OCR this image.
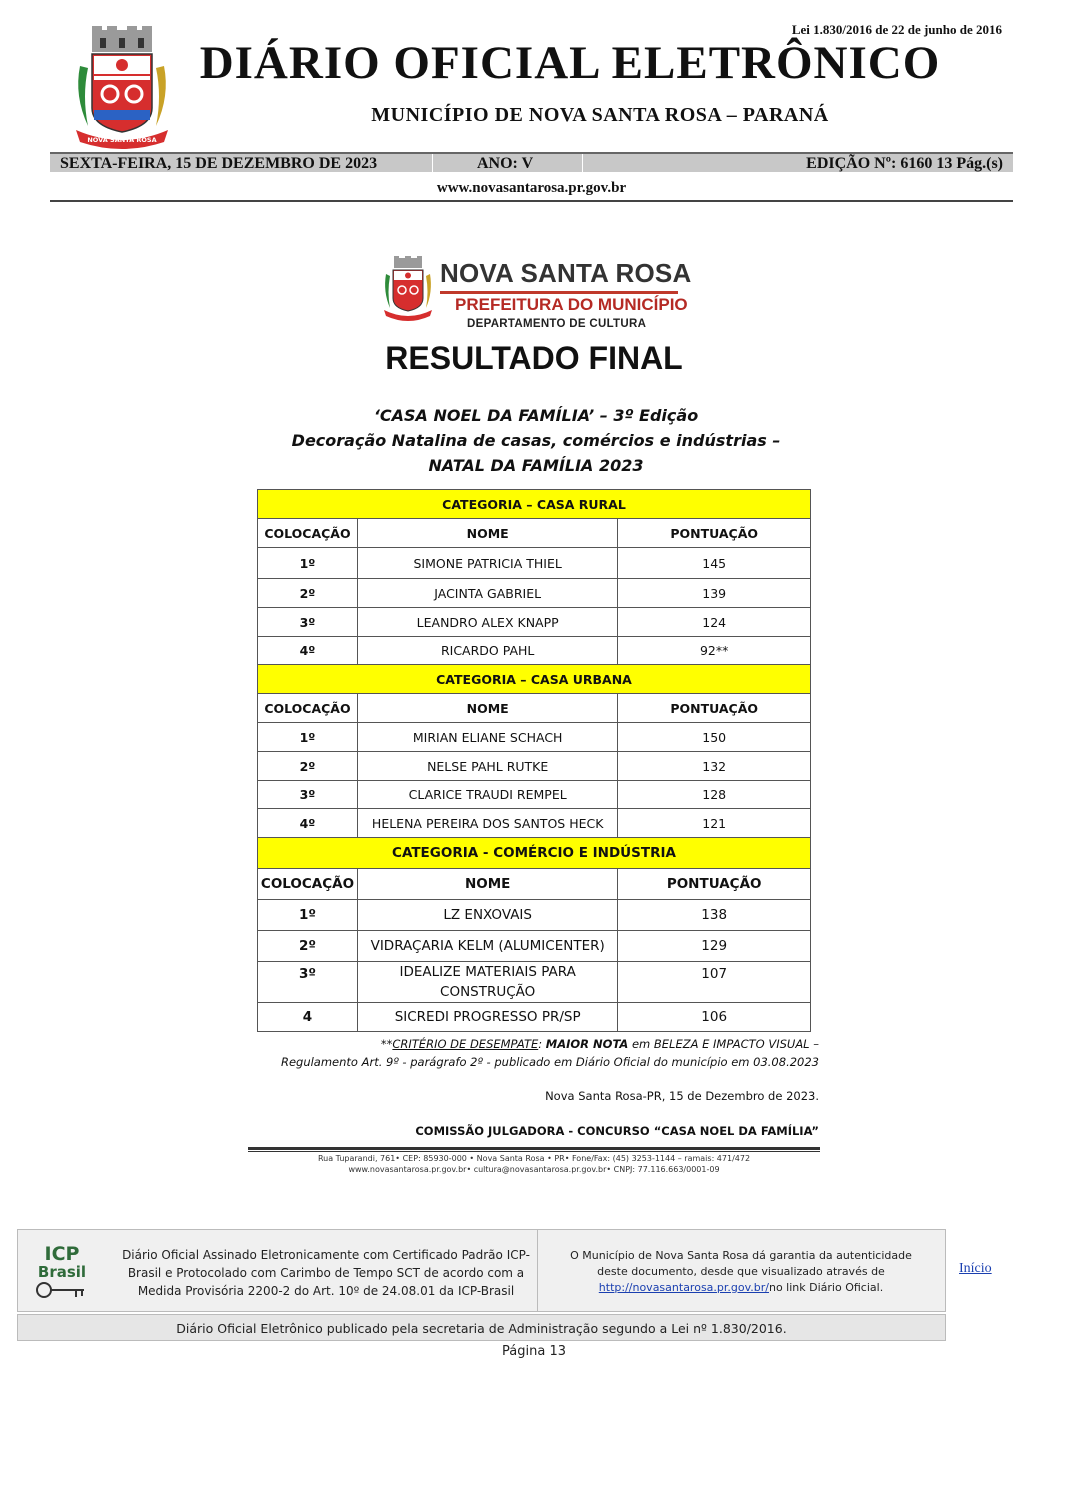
Lei 1.830/2016 de 22 de junho de 2016
NOVA SANTA ROSA
DIÁRIO OFICIAL ELETRÔNICO
MUNICÍPIO DE NOVA SANTA ROSA – PARANÁ
SEXTA-FEIRA, 15 DE DEZEMBRO DE 2023	ANO: V	EDIÇÃO Nº: 6160 13 Pág.(s)
www.novasantarosa.pr.gov.br
NOVA SANTA ROSA
PREFEITURA DO MUNICÍPIO
DEPARTAMENTO DE CULTURA
RESULTADO FINAL
‘CASA NOEL DA FAMÍLIA’ – 3º Edição
Decoração Natalina de casas, comércios e indústrias –
NATAL DA FAMÍLIA 2023
CATEGORIA – CASA RURAL		
COLOCAÇÃO	NOME	PONTUAÇÃO
1º	SIMONE PATRICIA THIEL	145
2º	JACINTA GABRIEL	139
3º	LEANDRO ALEX KNAPP	124
4º	RICARDO PAHL	92**
CATEGORIA – CASA URBANA		
COLOCAÇÃO	NOME	PONTUAÇÃO
1º	MIRIAN ELIANE SCHACH	150
2º	NELSE PAHL RUTKE	132
3º	CLARICE TRAUDI REMPEL	128
4º	HELENA PEREIRA DOS SANTOS HECK	121
CATEGORIA - COMÉRCIO E INDÚSTRIA		
COLOCAÇÃO	NOME	PONTUAÇÃO
1º	LZ ENXOVAIS	138
2º	VIDRAÇARIA KELM (ALUMICENTER)	129
3º	IDEALIZE MATERIAIS PARA CONSTRUÇÃO	107
4	SICREDI PROGRESSO PR/SP	106
**CRITÉRIO DE DESEMPATE: MAIOR NOTA em BELEZA E IMPACTO VISUAL –
Regulamento Art. 9º - parágrafo 2º - publicado em Diário Oficial do município em 03.08.2023
Nova Santa Rosa-PR, 15 de Dezembro de 2023.
COMISSÃO JULGADORA - CONCURSO “CASA NOEL DA FAMÍLIA”
Rua Tuparandi, 761• CEP: 85930-000 • Nova Santa Rosa • PR• Fone/Fax: (45) 3253-1144 – ramais: 471/472
www.novasantarosa.pr.gov.br• cultura@novasantarosa.pr.gov.br• CNPJ: 77.116.663/0001-09
ICP
Brasil
Diário Oficial Assinado Eletronicamente com Certificado Padrão ICP-Brasil e Protocolado com Carimbo de Tempo SCT de acordo com a Medida Provisória 2200-2 do Art. 10º de 24.08.01 da ICP-Brasil
O Município de Nova Santa Rosa dá garantia da autenticidade deste documento, desde que visualizado através de
http://novasantarosa.pr.gov.br/no link Diário Oficial.
Início
Diário Oficial Eletrônico publicado pela secretaria de Administração segundo a Lei nº 1.830/2016.
Página 13
